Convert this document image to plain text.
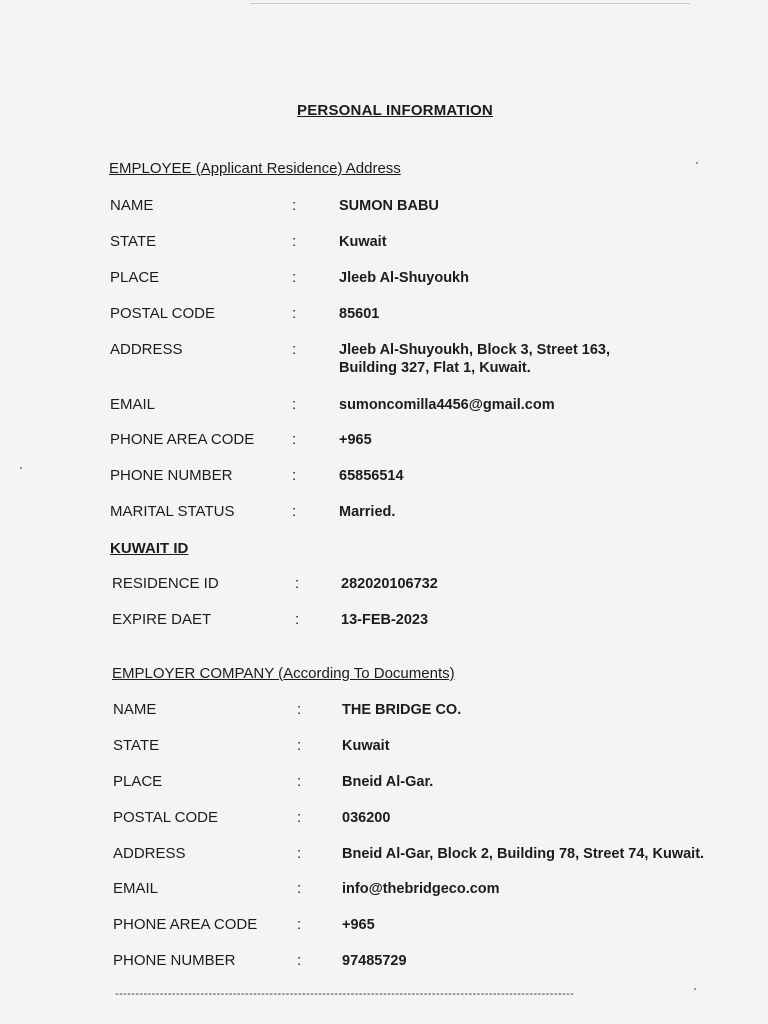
PERSONAL INFORMATION
EMPLOYEE (Applicant Residence) Address
NAME	:	SUMON BABU
STATE	:	Kuwait
PLACE	:	Jleeb Al-Shuyoukh
POSTAL CODE	:	85601
ADDRESS	:	Jleeb Al-Shuyoukh, Block 3, Street 163,
Building 327, Flat 1, Kuwait.
EMAIL	:	sumoncomilla4456@gmail.com
PHONE AREA CODE	:	+965
PHONE NUMBER	:	65856514
MARITAL STATUS	:	Married.
KUWAIT ID
RESIDENCE ID	:	282020106732
EXPIRE DAET	:	13-FEB-2023
EMPLOYER COMPANY (According To Documents)
NAME	:	THE BRIDGE CO.
STATE	:	Kuwait
PLACE	:	Bneid Al-Gar.
POSTAL CODE	:	036200
ADDRESS	:	Bneid Al-Gar, Block 2, Building 78, Street 74, Kuwait.
EMAIL	:	info@thebridgeco.com
PHONE AREA CODE	:	+965
PHONE NUMBER	:	97485729
-----------------------------------------------------------------------------------------------------------------
